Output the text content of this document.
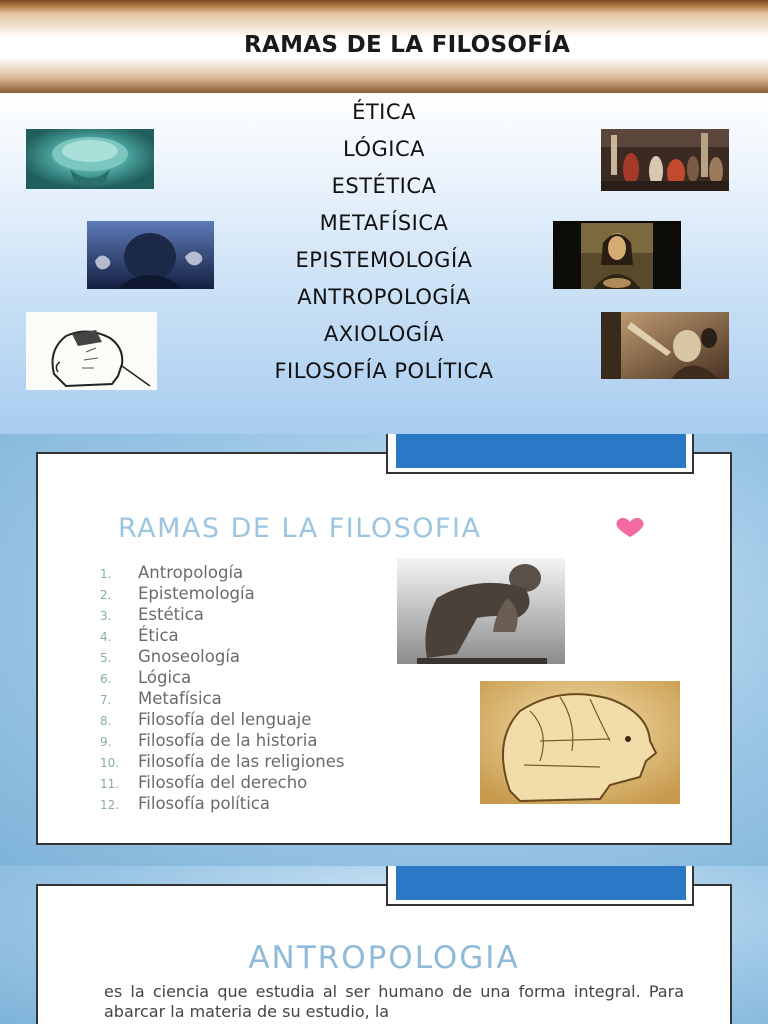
RAMAS DE LA FILOSOFÍA
ÉTICA
LÓGICA
ESTÉTICA
METAFÍSICA
EPISTEMOLOGÍA
ANTROPOLOGÍA
AXIOLOGÍA
FILOSOFÍA POLÍTICA
RAMAS DE LA FILOSOFIA
1. Antropología
2. Epistemología
3. Estética
4. Ética
5. Gnoseología
6. Lógica
7. Metafísica
8. Filosofía del lenguaje
9. Filosofía de la historia
10. Filosofía de las religiones
11. Filosofía del derecho
12. Filosofía política
ANTROPOLOGIA
es la ciencia que estudia al ser humano de una forma integral. Para abarcar la materia de su estudio, la
